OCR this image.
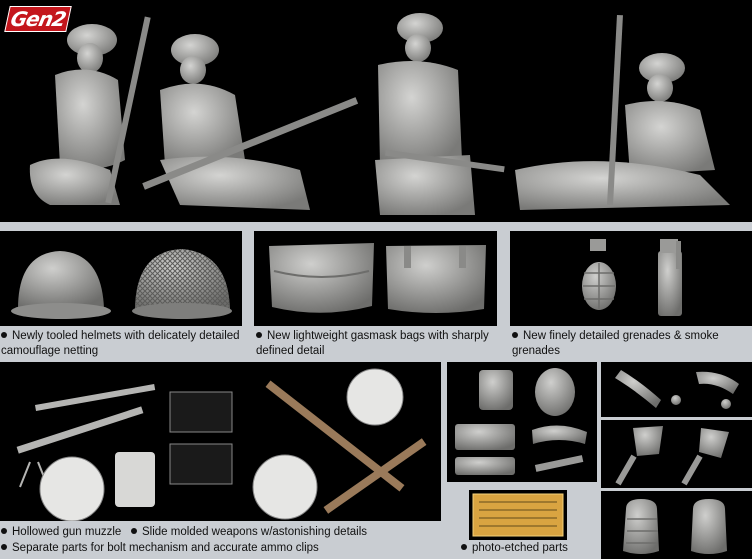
Gen2
Newly tooled helmets with delicately detailed camouflage netting
New lightweight gasmask bags with sharply defined detail
New finely detailed grenades & smoke grenades
Hollowed gun muzzle	Slide molded weapons w/astonishing details
Separate parts for bolt mechanism and accurate ammo clips	photo-etched parts
